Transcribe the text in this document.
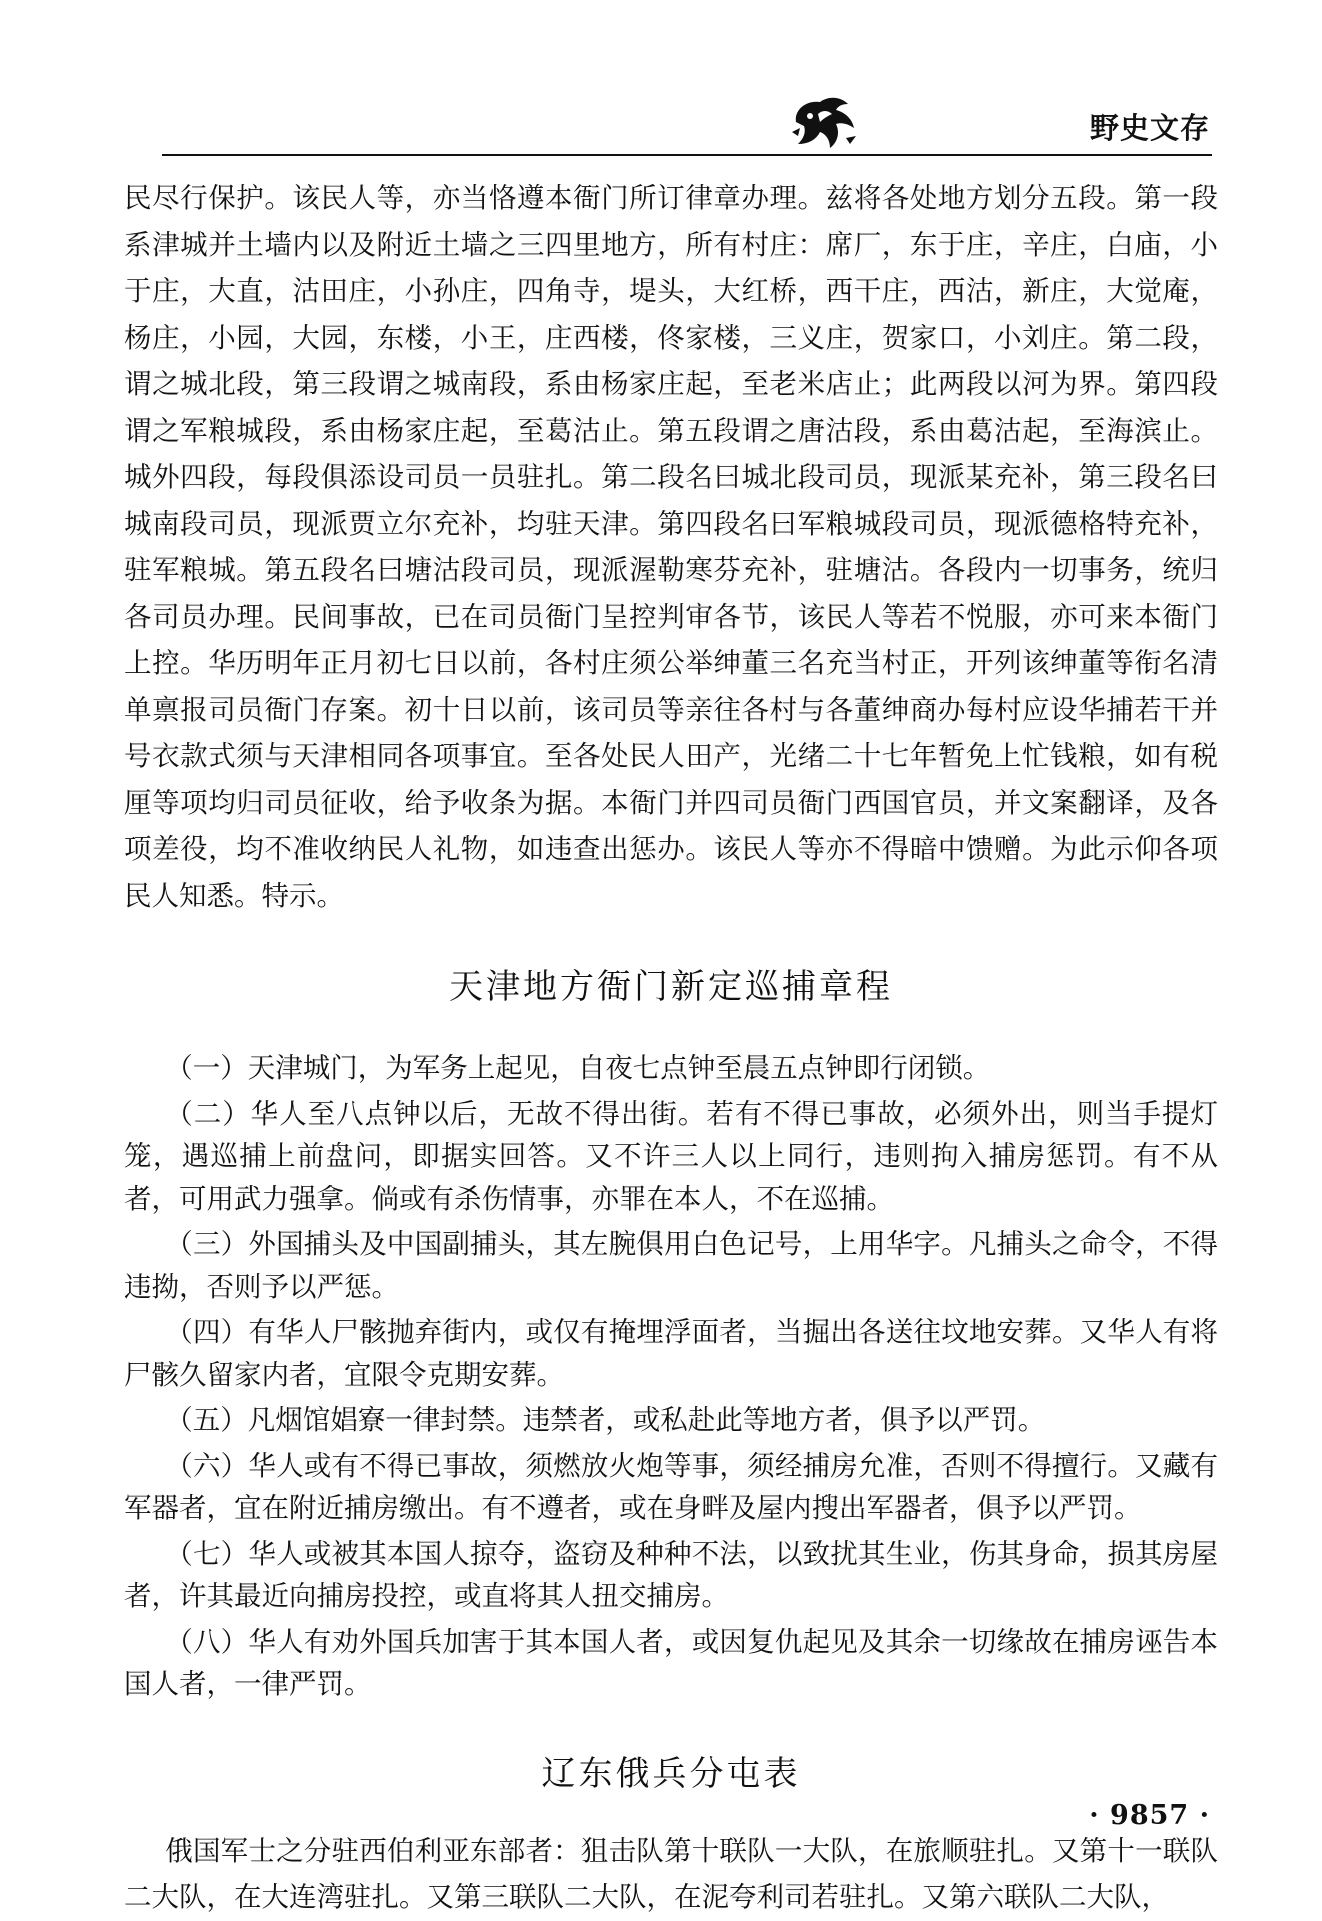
野史文存

民尽行保护。该民人等，亦当恪遵本衙门所订律章办理。兹将各处地方划分五段。第一段系津城并土墙内以及附近土墙之三四里地方，所有村庄：席厂，东于庄，辛庄，白庙，小于庄，大直，沽田庄，小孙庄，四角寺，堤头，大红桥，西干庄，西沽，新庄，大觉庵，杨庄，小园，大园，东楼，小王，庄西楼，佟家楼，三义庄，贺家口，小刘庄。第二段，谓之城北段，第三段谓之城南段，系由杨家庄起，至老米店止；此两段以河为界。第四段谓之军粮城段，系由杨家庄起，至葛沽止。第五段谓之唐沽段，系由葛沽起，至海滨止。城外四段，每段俱添设司员一员驻扎。第二段名曰城北段司员，现派某充补，第三段名曰城南段司员，现派贾立尔充补，均驻天津。第四段名曰军粮城段司员，现派德格特充补，驻军粮城。第五段名曰塘沽段司员，现派渥勒寒芬充补，驻塘沽。各段内一切事务，统归各司员办理。民间事故，已在司员衙门呈控判审各节，该民人等若不悦服，亦可来本衙门上控。华历明年正月初七日以前，各村庄须公举绅董三名充当村正，开列该绅董等衔名清单禀报司员衙门存案。初十日以前，该司员等亲往各村与各董绅商办每村应设华捕若干并号衣款式须与天津相同各项事宜。至各处民人田产，光绪二十七年暂免上忙钱粮，如有税厘等项均归司员征收，给予收条为据。本衙门并四司员衙门西国官员，并文案翻译，及各项差役，均不准收纳民人礼物，如违查出惩办。该民人等亦不得暗中馈赠。为此示仰各项民人知悉。特示。

天津地方衙门新定巡捕章程

（一）天津城门，为军务上起见，自夜七点钟至晨五点钟即行闭锁。

（二）华人至八点钟以后，无故不得出街。若有不得已事故，必须外出，则当手提灯笼，遇巡捕上前盘问，即据实回答。又不许三人以上同行，违则拘入捕房惩罚。有不从者，可用武力强拿。倘或有杀伤情事，亦罪在本人，不在巡捕。

（三）外国捕头及中国副捕头，其左腕俱用白色记号，上用华字。凡捕头之命令，不得违拗，否则予以严惩。

（四）有华人尸骸抛弃街内，或仅有掩埋浮面者，当掘出各送往坟地安葬。又华人有将尸骸久留家内者，宜限令克期安葬。

（五）凡烟馆娼寮一律封禁。违禁者，或私赴此等地方者，俱予以严罚。

（六）华人或有不得已事故，须燃放火炮等事，须经捕房允准，否则不得擅行。又藏有军器者，宜在附近捕房缴出。有不遵者，或在身畔及屋内搜出军器者，俱予以严罚。

（七）华人或被其本国人掠夺，盗窃及种种不法，以致扰其生业，伤其身命，损其房屋者，许其最近向捕房投控，或直将其人扭交捕房。

（八）华人有劝外国兵加害于其本国人者，或因复仇起见及其余一切缘故在捕房诬告本国人者，一律严罚。

辽东俄兵分屯表

俄国军士之分驻西伯利亚东部者：狙击队第十联队一大队，在旅顺驻扎。又第十一联队二大队，在大连湾驻扎。又第三联队二大队，在泥夸利司若驻扎。又第六联队二大队，

· 9857 ·
